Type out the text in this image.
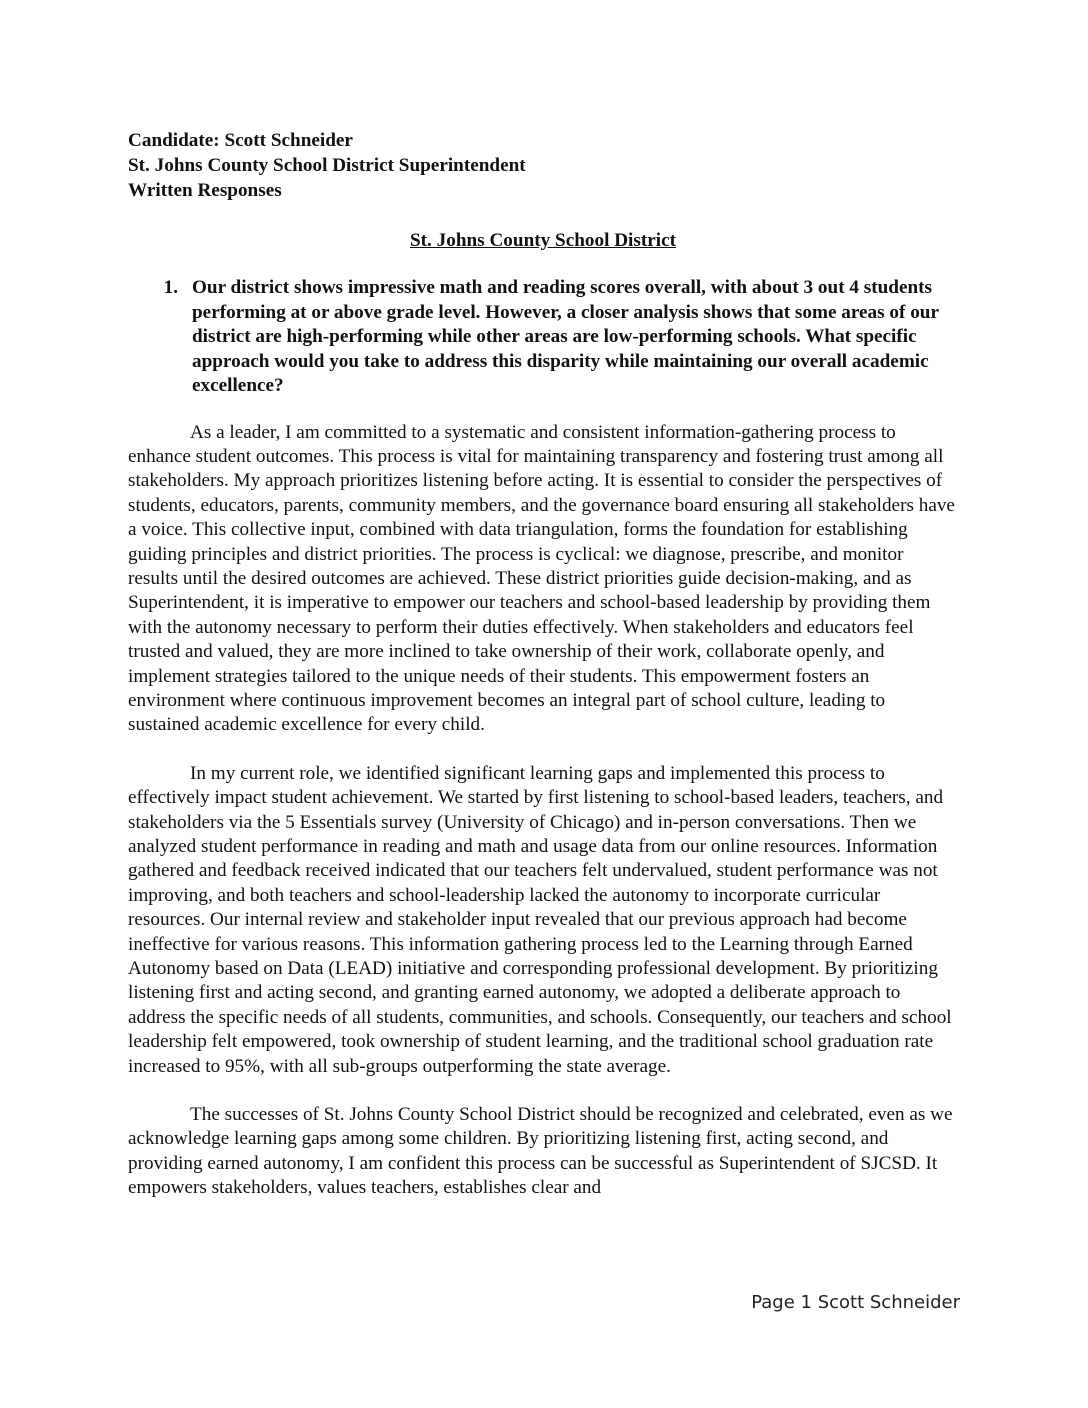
Candidate: Scott Schneider

St. Johns County School District Superintendent

Written Responses

St. Johns County School District
1. Our district shows impressive math and reading scores overall, with about 3 out 4 students performing at or above grade level. However, a closer analysis shows that some areas of our district are high-performing while other areas are low-performing schools. What specific approach would you take to address this disparity while maintaining our overall academic excellence?

As a leader, I am committed to a systematic and consistent information-gathering process to enhance student outcomes. This process is vital for maintaining transparency and fostering trust among all stakeholders. My approach prioritizes listening before acting. It is essential to consider the perspectives of students, educators, parents, community members, and the governance board ensuring all stakeholders have a voice. This collective input, combined with data triangulation, forms the foundation for establishing guiding principles and district priorities. The process is cyclical: we diagnose, prescribe, and monitor results until the desired outcomes are achieved. These district priorities guide decision-making, and as Superintendent, it is imperative to empower our teachers and school-based leadership by providing them with the autonomy necessary to perform their duties effectively. When stakeholders and educators feel trusted and valued, they are more inclined to take ownership of their work, collaborate openly, and implement strategies tailored to the unique needs of their students. This empowerment fosters an environment where continuous improvement becomes an integral part of school culture, leading to sustained academic excellence for every child.

In my current role, we identified significant learning gaps and implemented this process to effectively impact student achievement. We started by first listening to school-based leaders, teachers, and stakeholders via the 5 Essentials survey (University of Chicago) and in-person conversations. Then we analyzed student performance in reading and math and usage data from our online resources. Information gathered and feedback received indicated that our teachers felt undervalued, student performance was not improving, and both teachers and school-leadership lacked the autonomy to incorporate curricular resources. Our internal review and stakeholder input revealed that our previous approach had become ineffective for various reasons. This information gathering process led to the Learning through Earned Autonomy based on Data (LEAD) initiative and corresponding professional development. By prioritizing listening first and acting second, and granting earned autonomy, we adopted a deliberate approach to address the specific needs of all students, communities, and schools. Consequently, our teachers and school leadership felt empowered, took ownership of student learning, and the traditional school graduation rate increased to 95%, with all sub-groups outperforming the state average.

The successes of St. Johns County School District should be recognized and celebrated, even as we acknowledge learning gaps among some children. By prioritizing listening first, acting second, and providing earned autonomy, I am confident this process can be successful as Superintendent of SJCSD. It empowers stakeholders, values teachers, establishes clear and

Page 1 Scott Schneider
